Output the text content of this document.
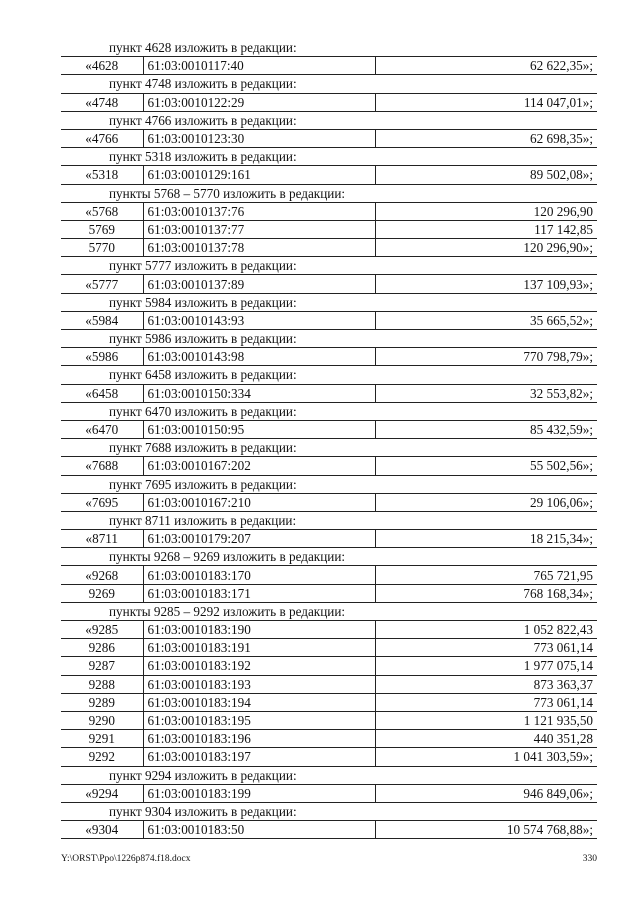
пункт 4628 изложить в редакции:		
«4628	61:03:0010117:40	62 622,35»;
пункт 4748 изложить в редакции:		
«4748	61:03:0010122:29	114 047,01»;
пункт 4766 изложить в редакции:		
«4766	61:03:0010123:30	62 698,35»;
пункт 5318 изложить в редакции:		
«5318	61:03:0010129:161	89 502,08»;
пункты 5768 – 5770 изложить в редакции:		
«5768	61:03:0010137:76	120 296,90
5769	61:03:0010137:77	117 142,85
5770	61:03:0010137:78	120 296,90»;
пункт 5777 изложить в редакции:		
«5777	61:03:0010137:89	137 109,93»;
пункт 5984 изложить в редакции:		
«5984	61:03:0010143:93	35 665,52»;
пункт 5986 изложить в редакции:		
«5986	61:03:0010143:98	770 798,79»;
пункт 6458 изложить в редакции:		
«6458	61:03:0010150:334	32 553,82»;
пункт 6470 изложить в редакции:		
«6470	61:03:0010150:95	85 432,59»;
пункт 7688 изложить в редакции:		
«7688	61:03:0010167:202	55 502,56»;
пункт 7695 изложить в редакции:		
«7695	61:03:0010167:210	29 106,06»;
пункт 8711 изложить в редакции:		
«8711	61:03:0010179:207	18 215,34»;
пункты 9268 – 9269 изложить в редакции:		
«9268	61:03:0010183:170	765 721,95
9269	61:03:0010183:171	768 168,34»;
пункты 9285 – 9292 изложить в редакции:		
«9285	61:03:0010183:190	1 052 822,43
9286	61:03:0010183:191	773 061,14
9287	61:03:0010183:192	1 977 075,14
9288	61:03:0010183:193	873 363,37
9289	61:03:0010183:194	773 061,14
9290	61:03:0010183:195	1 121 935,50
9291	61:03:0010183:196	440 351,28
9292	61:03:0010183:197	1 041 303,59»;
пункт 9294 изложить в редакции:		
«9294	61:03:0010183:199	946 849,06»;
пункт 9304 изложить в редакции:		
«9304	61:03:0010183:50	10 574 768,88»;
Y:\ORST\Ppo\1226p874.f18.docx	330
